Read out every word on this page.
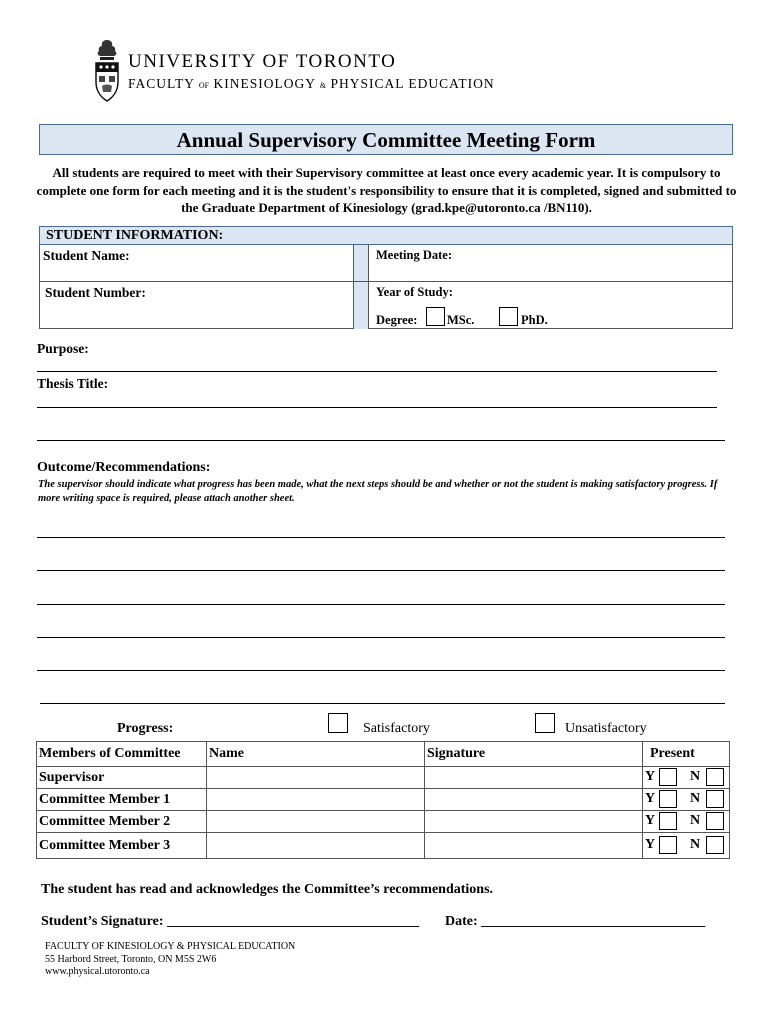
UNIVERSITY OF TORONTO
FACULTY OF KINESIOLOGY & PHYSICAL EDUCATION
Annual Supervisory Committee Meeting Form
All students are required to meet with their Supervisory committee at least once every academic year. It is compulsory to complete one form for each meeting and it is the student's responsibility to ensure that it is completed, signed and submitted to the Graduate Department of Kinesiology (grad.kpe@utoronto.ca /BN110).
STUDENT INFORMATION:
Student Name:	Meeting Date:
Student Number:	Year of Study:
Degree: MSc.	PhD.
Purpose:
Thesis Title:
Outcome/Recommendations:
The supervisor should indicate what progress has been made, what the next steps should be and whether or not the student is making satisfactory progress. If more writing space is required, please attach another sheet.
Progress:	Satisfactory	Unsatisfactory
Members of Committee	Name	Signature	Present
Supervisor			Y N

Committee Member 1			Y N

Committee Member 2			Y N

Committee Member 3			Y N
The student has read and acknowledges the Committee’s recommendations.
Student’s Signature: ____________________________________ Date: ________________________________
FACULTY OF KINESIOLOGY & PHYSICAL EDUCATION
55 Harbord Street, Toronto, ON M5S 2W6
www.physical.utoronto.ca
